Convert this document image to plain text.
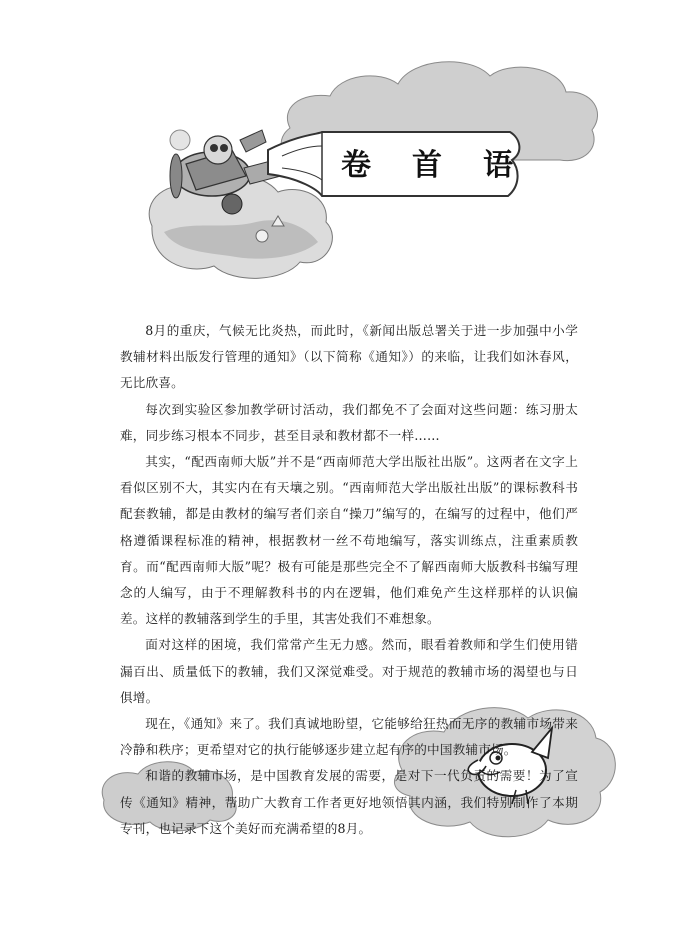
卷	首	语

8月的重庆，气候无比炎热，而此时，《新闻出版总署关于进一步加强中小学教辅材料出版发行管理的通知》（以下简称《通知》）的来临，让我们如沐春风，无比欣喜。

每次到实验区参加教学研讨活动，我们都免不了会面对这些问题：练习册太难，同步练习根本不同步，甚至目录和教材都不一样……

其实，“配西南师大版”并不是“西南师范大学出版社出版”。这两者在文字上看似区别不大，其实内在有天壤之别。“西南师范大学出版社出版”的课标教科书配套教辅，都是由教材的编写者们亲自“操刀”编写的，在编写的过程中，他们严格遵循课程标准的精神，根据教材一丝不苟地编写，落实训练点，注重素质教育。而“配西南师大版”呢？极有可能是那些完全不了解西南师大版教科书编写理念的人编写，由于不理解教科书的内在逻辑，他们难免产生这样那样的认识偏差。这样的教辅落到学生的手里，其害处我们不难想象。

面对这样的困境，我们常常产生无力感。然而，眼看着教师和学生们使用错漏百出、质量低下的教辅，我们又深觉难受。对于规范的教辅市场的渴望也与日俱增。

现在，《通知》来了。我们真诚地盼望，它能够给狂热而无序的教辅市场带来冷静和秩序；更希望对它的执行能够逐步建立起有序的中国教辅市场。

和谐的教辅市场，是中国教育发展的需要，是对下一代负责的需要！为了宣传《通知》精神，帮助广大教育工作者更好地领悟其内涵，我们特别制作了本期专刊，也记录下这个美好而充满希望的8月。
